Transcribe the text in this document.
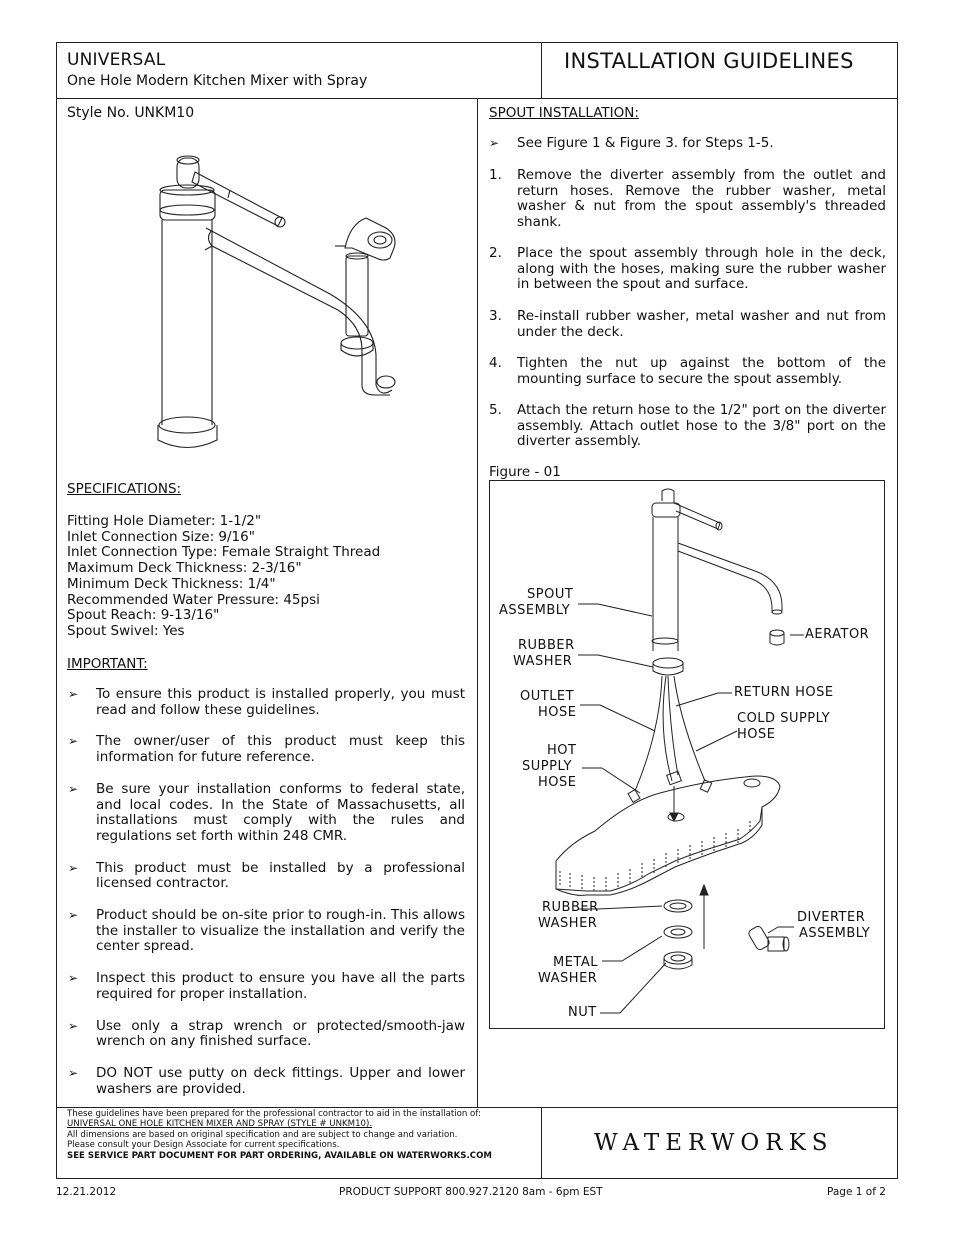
UNIVERSAL
One Hole Modern Kitchen Mixer with Spray
INSTALLATION GUIDELINES
Style No. UNKM10
SPECIFICATIONS:
Fitting Hole Diameter: 1-1/2"
Inlet Connection Size: 9/16"
Inlet Connection Type: Female Straight Thread
Maximum Deck Thickness: 2-3/16"
Minimum Deck Thickness: 1/4"
Recommended Water Pressure: 45psi
Spout Reach: 9-13/16"
Spout Swivel: Yes
IMPORTANT:
➢ To ensure this product is installed properly, you must read and follow these guidelines.
➢ The owner/user of this product must keep this information for future reference.
➢ Be sure your installation conforms to federal state, and local codes. In the State of Massachusetts, all installations must comply with the rules and regulations set forth within 248 CMR.
➢ This product must be installed by a professional licensed contractor.
➢ Product should be on-site prior to rough-in. This allows the installer to visualize the installation and verify the center spread.
➢ Inspect this product to ensure you have all the parts required for proper installation.
➢ Use only a strap wrench or protected/smooth-jaw wrench on any finished surface.
➢ DO NOT use putty on deck fittings. Upper and lower washers are provided.
SPOUT INSTALLATION:
➢ See Figure 1 & Figure 3. for Steps 1-5.
1. Remove the diverter assembly from the outlet and return hoses. Remove the rubber washer, metal washer & nut from the spout assembly's threaded shank.
2. Place the spout assembly through hole in the deck, along with the hoses, making sure the rubber washer in between the spout and surface.
3. Re-install rubber washer, metal washer and nut from under the deck.
4. Tighten the nut up against the bottom of the mounting surface to secure the spout assembly.
5. Attach the return hose to the 1/2" port on the diverter assembly. Attach outlet hose to the 3/8" port on the diverter assembly.
Figure - 01
SPOUT
ASSEMBLY
AERATOR
RUBBER
WASHER
RETURN HOSE
OUTLET
HOSE	COLD SUPPLY
HOSE
HOT
SUPPLY
HOSE
RUBBER
WASHER	DIVERTER
ASSEMBLY
METAL
WASHER
NUT
These guidelines have been prepared for the professional contractor to aid in the installation of:
UNIVERSAL ONE HOLE KITCHEN MIXER AND SPRAY (STYLE # UNKM10).
All dimensions are based on original specification and are subject to change and variation.
Please consult your Design Associate for current specifications.
SEE SERVICE PART DOCUMENT FOR PART ORDERING, AVAILABLE ON WATERWORKS.COM	WATERWORKS
12.21.2012	PRODUCT SUPPORT 800.927.2120 8am - 6pm EST	Page 1 of 2
